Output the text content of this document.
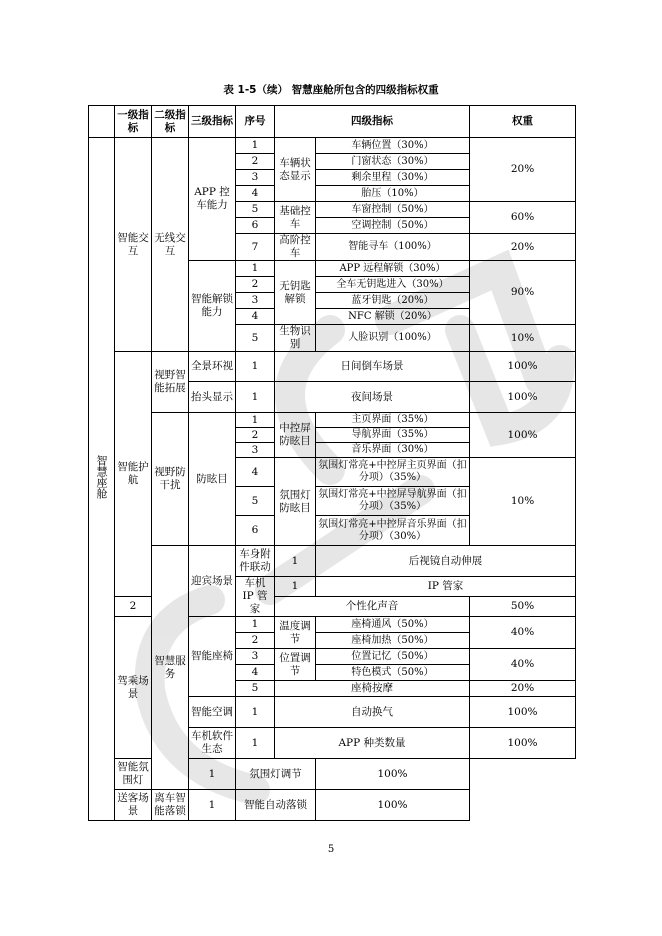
表 1-5（续） 智慧座舱所包含的四级指标权重
	一级指标	二级指标	三级指标	序号	四级指标		权重	
智慧座舱	智能交互	无线交互	APP 控车能力	1	车辆状态显示	车辆位置（30%）	20%	
				2		门窗状态（30%）		
				3		剩余里程（30%）		
				4		胎压（10%）		
				5	基础控车	车窗控制（50%）	60%	
				6		空调控制（50%）		
				7	高阶控车	智能寻车（100%）	20%	
			智能解锁能力	1	无钥匙解锁	APP 远程解锁（30%）	90%	
				2		全车无钥匙进入（30%）		
				3		蓝牙钥匙（20%）		
				4		NFC 解锁（20%）		
				5	生物识别	人脸识别（100%）	10%	
	智能护航	视野智能拓展	全景环视	1	日间倒车场景		100%	
			抬头显示	1	夜间场景		100%	
		视野防干扰	防眩目	1	中控屏防眩目	主页界面（35%）	100%	
				2		导航界面（35%）		
				3		音乐界面（30%）		
				4	氛围灯防眩目	氛围灯常亮+中控屏主页界面（扣分项）（35%）	10%	
				5		氛围灯常亮+中控屏导航界面（扣分项）（35%）		
				6		氛围灯常亮+中控屏音乐界面（扣分项）（30%）		
		智慧服务	迎宾场景	车身附件联动	1	后视镜自动伸展	
				车机 IP 管家	1	IP 管家	
	2				个性化声音		50%	
	驾乘场景		智能座椅	1	温度调节	座椅通风（50%）	40%	
				2		座椅加热（50%）		
				3	位置调节	位置记忆（50%）	40%	
				4		特色模式（50%）		
				5	座椅按摩		20%	
			智能空调	1	自动换气		100%	
			车机软件生态	1	APP 种类数量		100%	
	智能氛围灯		1	氛围灯调节		100%		
	送客场景	离车智能落锁	1	智能自动落锁		100%		
5
